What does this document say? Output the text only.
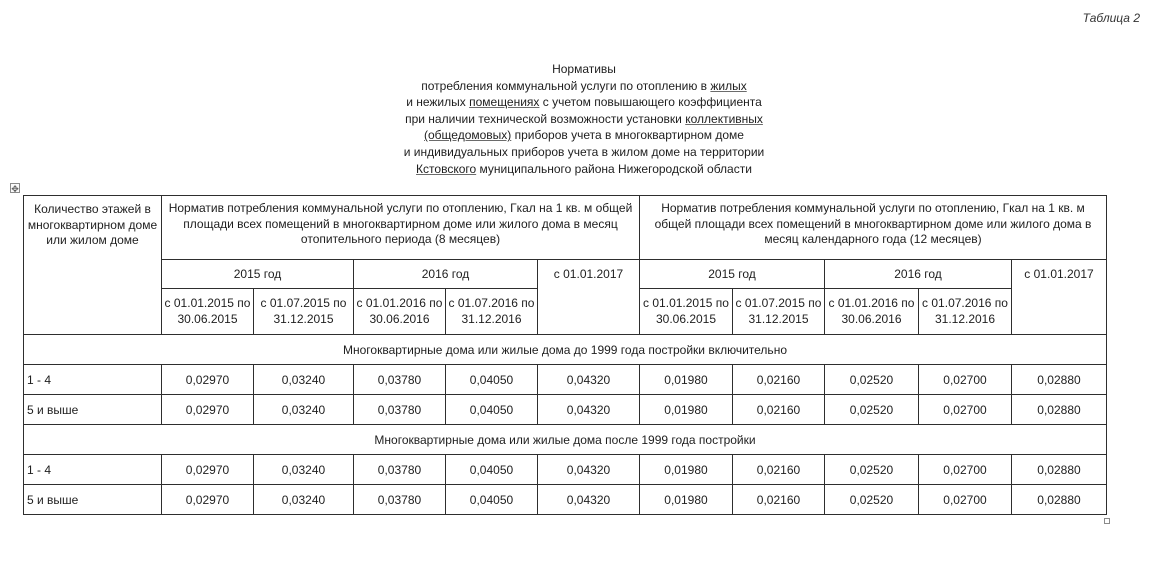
Таблица 2
Нормативы
потребления коммунальной услуги по отоплению в жилых
и нежилых помещениях с учетом повышающего коэффициента
при наличии технической возможности установки коллективных
(общедомовых) приборов учета в многоквартирном доме
и индивидуальных приборов учета в жилом доме на территории
Кстовского муниципального района Нижегородской области
✥
Количество этажей в многоквартирном доме или жилом доме	Норматив потребления коммунальной услуги по отоплению, Гкал на 1 кв. м общей площади всех помещений в многоквартирном доме или жилого дома в месяц отопительного периода (8 месяцев)					Норматив потребления коммунальной услуги по отоплению, Гкал на 1 кв. м общей площади всех помещений в многоквартирном доме или жилого дома в месяц календарного года (12 месяцев)				
	2015 год		2016 год		с 01.01.2017	2015 год		2016 год		с 01.01.2017
	с 01.01.2015 по 30.06.2015	с 01.07.2015 по 31.12.2015	с 01.01.2016 по 30.06.2016	с 01.07.2016 по 31.12.2016		с 01.01.2015 по 30.06.2015	с 01.07.2015 по 31.12.2015	с 01.01.2016 по 30.06.2016	с 01.07.2016 по 31.12.2016	
Многоквартирные дома или жилые дома до 1999 года постройки включительно										
1 - 4	0,02970	0,03240	0,03780	0,04050	0,04320	0,01980	0,02160	0,02520	0,02700	0,02880
5 и выше	0,02970	0,03240	0,03780	0,04050	0,04320	0,01980	0,02160	0,02520	0,02700	0,02880
Многоквартирные дома или жилые дома после 1999 года постройки										
1 - 4	0,02970	0,03240	0,03780	0,04050	0,04320	0,01980	0,02160	0,02520	0,02700	0,02880
5 и выше	0,02970	0,03240	0,03780	0,04050	0,04320	0,01980	0,02160	0,02520	0,02700	0,02880
